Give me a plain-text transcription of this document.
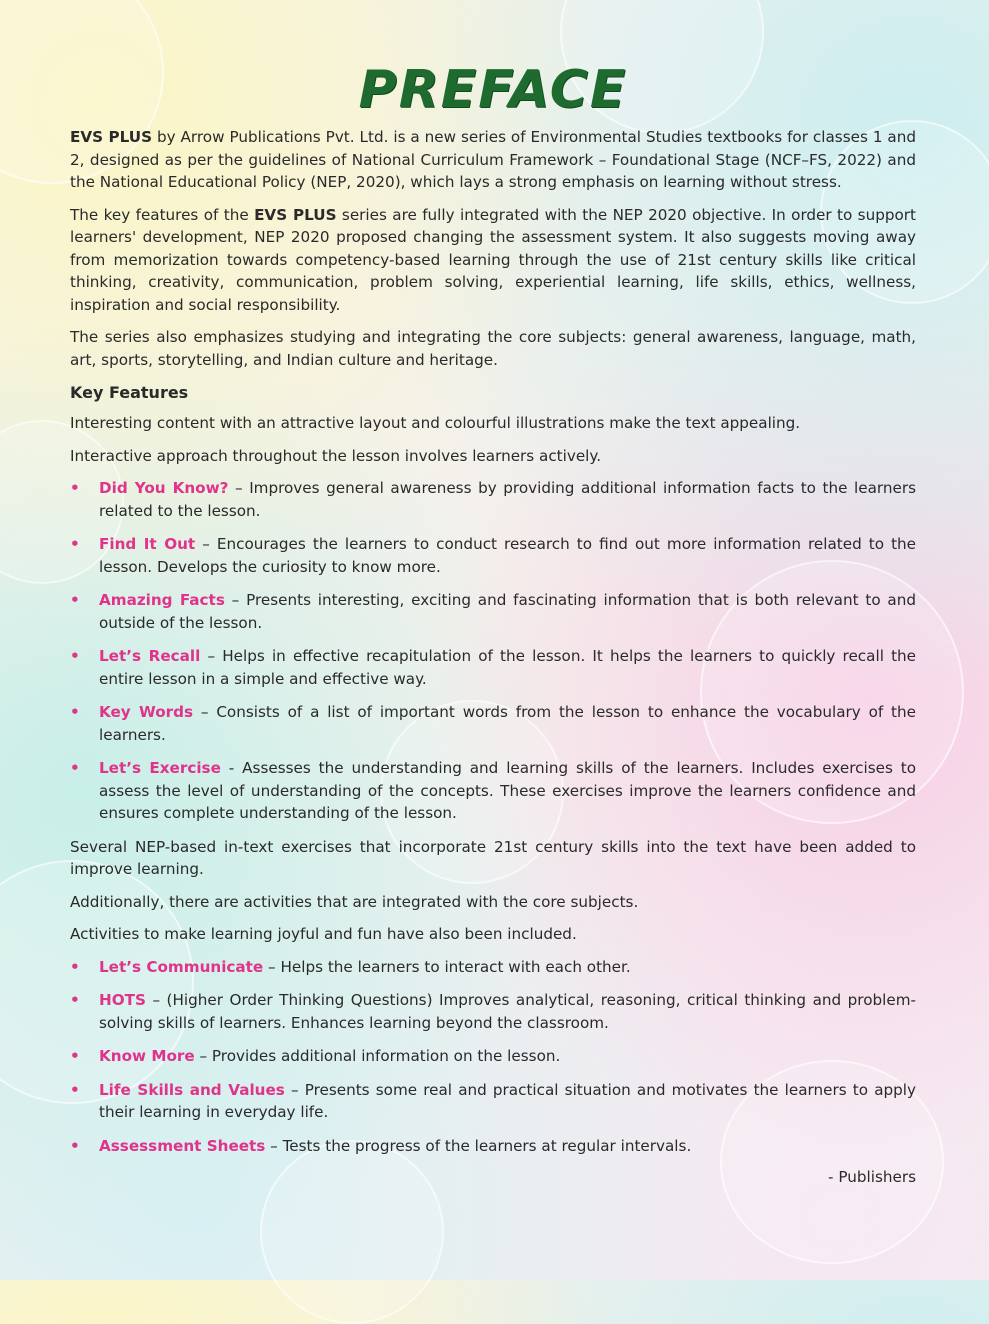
PREFACE

EVS PLUS by Arrow Publications Pvt. Ltd. is a new series of Environmental Studies textbooks for classes 1 and 2, designed as per the guidelines of National Curriculum Framework – Foundational Stage (NCF–FS, 2022) and the National Educational Policy (NEP, 2020), which lays a strong emphasis on learning without stress.

The key features of the EVS PLUS series are fully integrated with the NEP 2020 objective. In order to support learners' development, NEP 2020 proposed changing the assessment system. It also suggests moving away from memorization towards competency-based learning through the use of 21st century skills like critical thinking, creativity, communication, problem solving, experiential learning, life skills, ethics, wellness, inspiration and social responsibility.

The series also emphasizes studying and integrating the core subjects: general awareness, language, math, art, sports, storytelling, and Indian culture and heritage.

Key Features

Interesting content with an attractive layout and colourful illustrations make the text appealing.

Interactive approach throughout the lesson involves learners actively.

• Did You Know? – Improves general awareness by providing additional information facts to the learners related to the lesson.
• Find It Out – Encourages the learners to conduct research to find out more information related to the lesson. Develops the curiosity to know more.
• Amazing Facts – Presents interesting, exciting and fascinating information that is both relevant to and outside of the lesson.
• Let’s Recall – Helps in effective recapitulation of the lesson. It helps the learners to quickly recall the entire lesson in a simple and effective way.
• Key Words – Consists of a list of important words from the lesson to enhance the vocabulary of the learners.
• Let’s Exercise - Assesses the understanding and learning skills of the learners. Includes exercises to assess the level of understanding of the concepts. These exercises improve the learners confidence and ensures complete understanding of the lesson.

Several NEP-based in-text exercises that incorporate 21st century skills into the text have been added to improve learning.

Additionally, there are activities that are integrated with the core subjects.

Activities to make learning joyful and fun have also been included.

• Let’s Communicate – Helps the learners to interact with each other.
• HOTS – (Higher Order Thinking Questions) Improves analytical, reasoning, critical thinking and problem-solving skills of learners. Enhances learning beyond the classroom.
• Know More – Provides additional information on the lesson.
• Life Skills and Values – Presents some real and practical situation and motivates the learners to apply their learning in everyday life.
• Assessment Sheets – Tests the progress of the learners at regular intervals.
- Publishers
